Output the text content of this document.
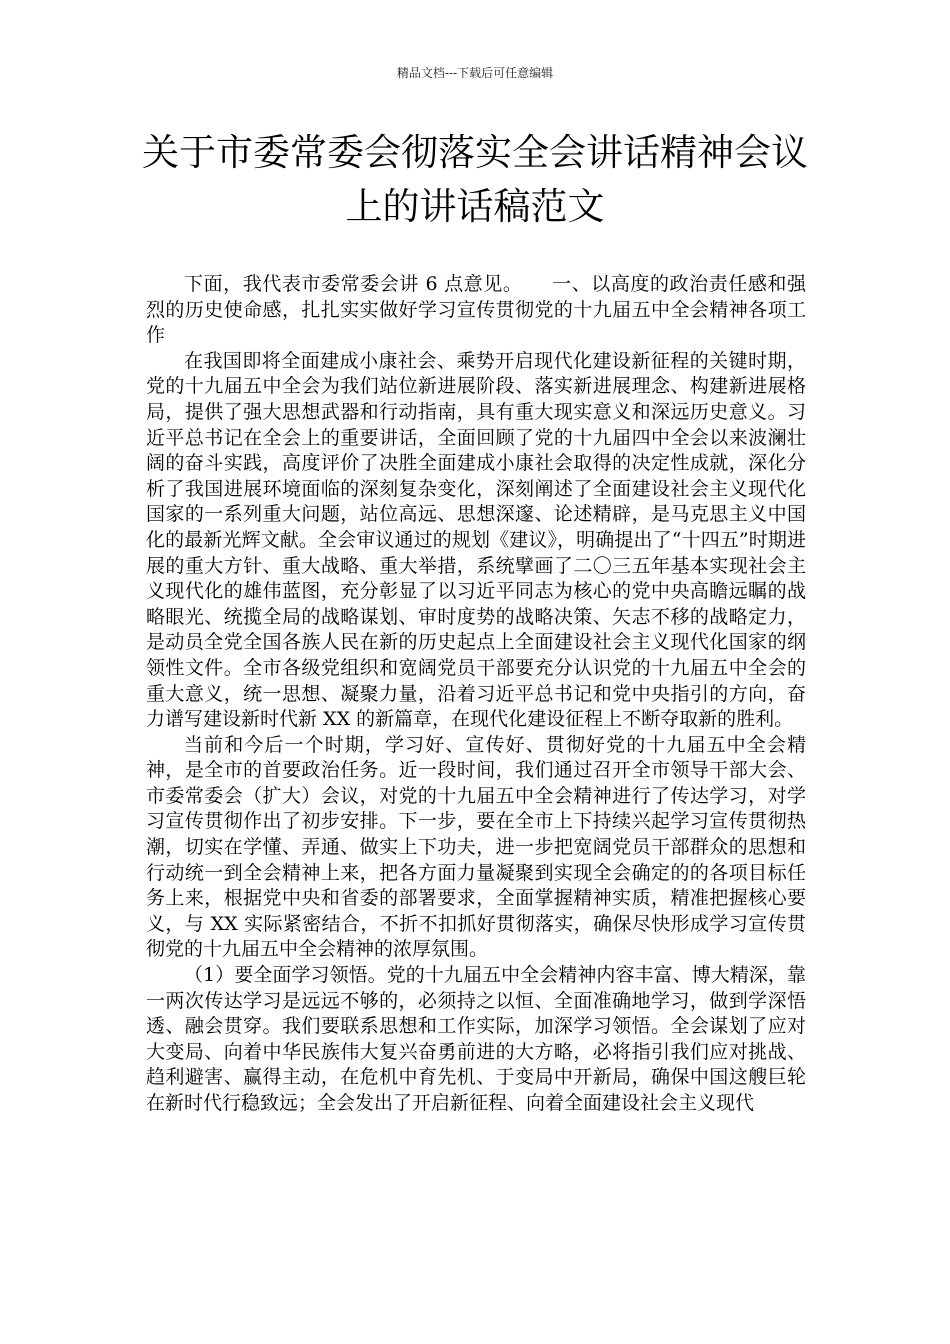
精品文档---下载后可任意编辑
关于市委常委会彻落实全会讲话精神会议
上的讲话稿范文

下面，我代表市委常委会讲 6 点意见。　　一、以高度的政治责任感和强烈的历史使命感，扎扎实实做好学习宣传贯彻党的十九届五中全会精神各项工作

在我国即将全面建成小康社会、乘势开启现代化建设新征程的关键时期，党的十九届五中全会为我们站位新进展阶段、落实新进展理念、构建新进展格局，提供了强大思想武器和行动指南，具有重大现实意义和深远历史意义。习近平总书记在全会上的重要讲话，全面回顾了党的十九届四中全会以来波澜壮阔的奋斗实践，高度评价了决胜全面建成小康社会取得的决定性成就，深化分析了我国进展环境面临的深刻复杂变化，深刻阐述了全面建设社会主义现代化国家的一系列重大问题，站位高远、思想深邃、论述精辟，是马克思主义中国化的最新光辉文献。全会审议通过的规划《建议》，明确提出了“十四五”时期进展的重大方针、重大战略、重大举措，系统擘画了二〇三五年基本实现社会主义现代化的雄伟蓝图，充分彰显了以习近平同志为核心的党中央高瞻远瞩的战略眼光、统揽全局的战略谋划、审时度势的战略决策、矢志不移的战略定力，是动员全党全国各族人民在新的历史起点上全面建设社会主义现代化国家的纲领性文件。全市各级党组织和宽阔党员干部要充分认识党的十九届五中全会的重大意义，统一思想、凝聚力量，沿着习近平总书记和党中央指引的方向，奋力谱写建设新时代新 XX 的新篇章，在现代化建设征程上不断夺取新的胜利。

当前和今后一个时期，学习好、宣传好、贯彻好党的十九届五中全会精神，是全市的首要政治任务。近一段时间，我们通过召开全市领导干部大会、市委常委会（扩大）会议，对党的十九届五中全会精神进行了传达学习，对学习宣传贯彻作出了初步安排。下一步，要在全市上下持续兴起学习宣传贯彻热潮，切实在学懂、弄通、做实上下功夫，进一步把宽阔党员干部群众的思想和行动统一到全会精神上来，把各方面力量凝聚到实现全会确定的的各项目标任务上来，根据党中央和省委的部署要求，全面掌握精神实质，精准把握核心要义，与 XX 实际紧密结合，不折不扣抓好贯彻落实，确保尽快形成学习宣传贯彻党的十九届五中全会精神的浓厚氛围。

（1）要全面学习领悟。党的十九届五中全会精神内容丰富、博大精深，靠一两次传达学习是远远不够的，必须持之以恒、全面准确地学习，做到学深悟透、融会贯穿。我们要联系思想和工作实际，加深学习领悟。全会谋划了应对大变局、向着中华民族伟大复兴奋勇前进的大方略，必将指引我们应对挑战、趋利避害、赢得主动，在危机中育先机、于变局中开新局，确保中国这艘巨轮在新时代行稳致远；全会发出了开启新征程、向着全面建设社会主义现代
